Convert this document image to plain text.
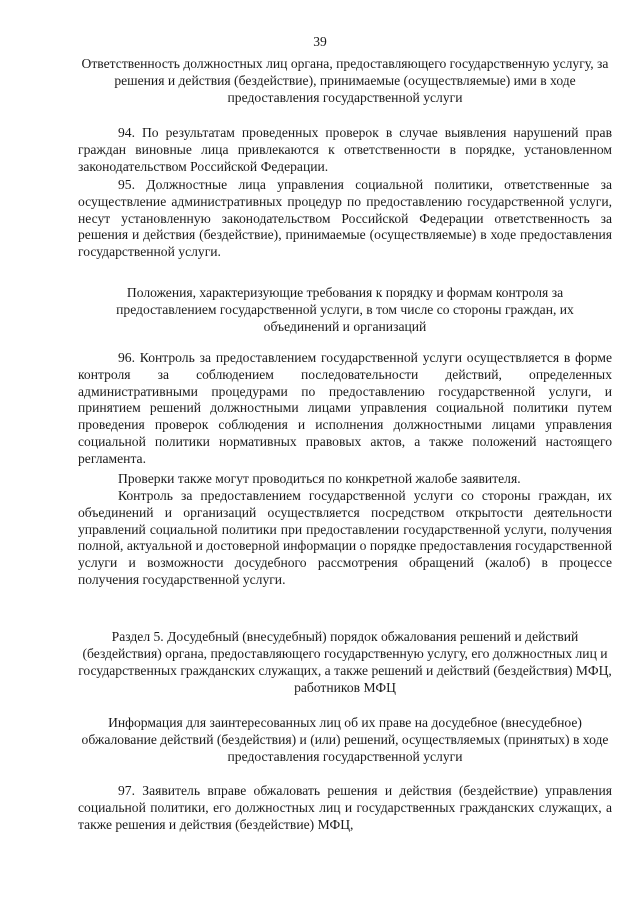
39
Ответственность должностных лиц органа, предоставляющего государственную услугу, за решения и действия (бездействие), принимаемые (осуществляемые) ими в ходе предоставления государственной услуги
94. По результатам проведенных проверок в случае выявления нарушений прав граждан виновные лица привлекаются к ответственности в порядке, установленном законодательством Российской Федерации.
95. Должностные лица управления социальной политики, ответственные за осуществление административных процедур по предоставлению государственной услуги, несут установленную законодательством Российской Федерации ответственность за решения и действия (бездействие), принимаемые (осуществляемые) в ходе предоставления государственной услуги.
Положения, характеризующие требования к порядку и формам контроля за предоставлением государственной услуги, в том числе со стороны граждан, их объединений и организаций
96. Контроль за предоставлением государственной услуги осуществляется в форме контроля за соблюдением последовательности действий, определенных административными процедурами по предоставлению государственной услуги, и принятием решений должностными лицами управления социальной политики путем проведения проверок соблюдения и исполнения должностными лицами управления социальной политики нормативных правовых актов, а также положений настоящего регламента.
Проверки также могут проводиться по конкретной жалобе заявителя.
Контроль за предоставлением государственной услуги со стороны граждан, их объединений и организаций осуществляется посредством открытости деятельности управлений социальной политики при предоставлении государственной услуги, получения полной, актуальной и достоверной информации о порядке предоставления государственной услуги и возможности досудебного рассмотрения обращений (жалоб) в процессе получения государственной услуги.
Раздел 5. Досудебный (внесудебный) порядок обжалования решений и действий (бездействия) органа, предоставляющего государственную услугу, его должностных лиц и государственных гражданских служащих, а также решений и действий (бездействия) МФЦ, работников МФЦ
Информация для заинтересованных лиц об их праве на досудебное (внесудебное) обжалование действий (бездействия) и (или) решений, осуществляемых (принятых) в ходе предоставления государственной услуги
97. Заявитель вправе обжаловать решения и действия (бездействие) управления социальной политики, его должностных лиц и государственных гражданских служащих, а также решения и действия (бездействие) МФЦ,
